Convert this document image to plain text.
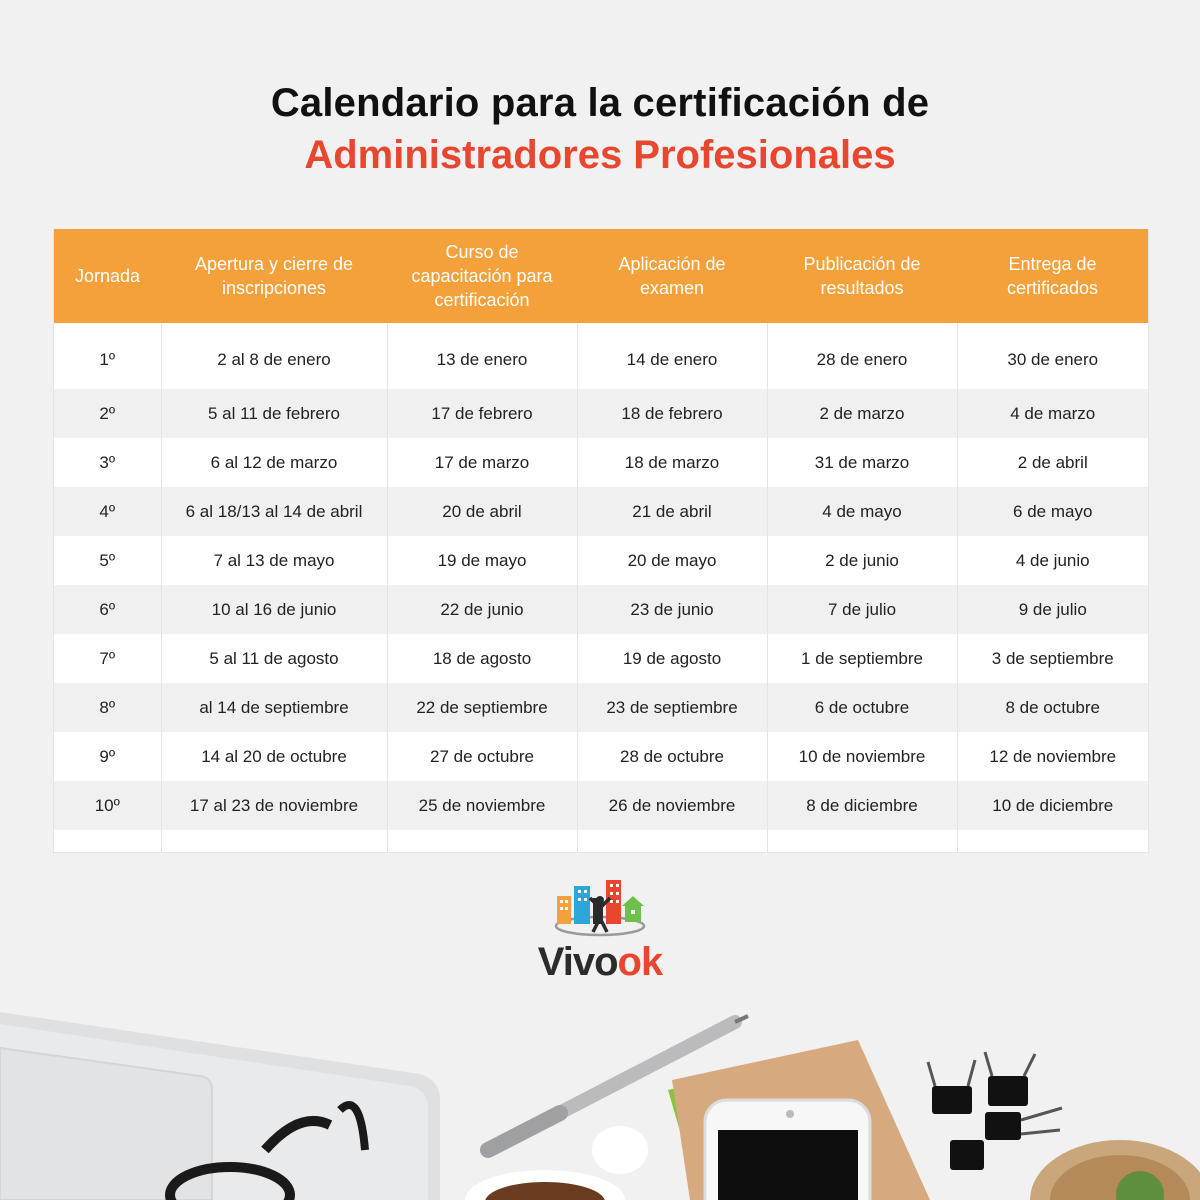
Calendario para la certificación de
Administradores Profesionales
Jornada	Apertura y cierre de inscripciones	Curso de capacitación para certificación	Aplicación de examen	Publicación de resultados	Entrega de certificados
1º	2 al 8 de enero	13 de enero	14 de enero	28 de enero	30 de enero
2º	5 al 11 de febrero	17 de febrero	18 de febrero	2 de marzo	4 de marzo
3º	6 al 12 de marzo	17 de marzo	18 de marzo	31 de marzo	2 de abril
4º	6 al 18/13 al 14 de abril	20 de abril	21 de abril	4 de mayo	6 de mayo
5º	7 al 13 de mayo	19 de mayo	20 de mayo	2 de junio	4 de junio
6º	10 al 16 de junio	22 de junio	23 de junio	7 de julio	9 de julio
7º	5 al 11 de agosto	18 de agosto	19 de agosto	1 de septiembre	3 de septiembre
8º	al 14 de septiembre	22 de septiembre	23 de septiembre	6 de octubre	8 de octubre
9º	14 al 20 de octubre	27 de octubre	28 de octubre	10 de noviembre	12 de noviembre
10º	17 al 23 de noviembre	25 de noviembre	26 de noviembre	8 de diciembre	10 de diciembre

Vivook
